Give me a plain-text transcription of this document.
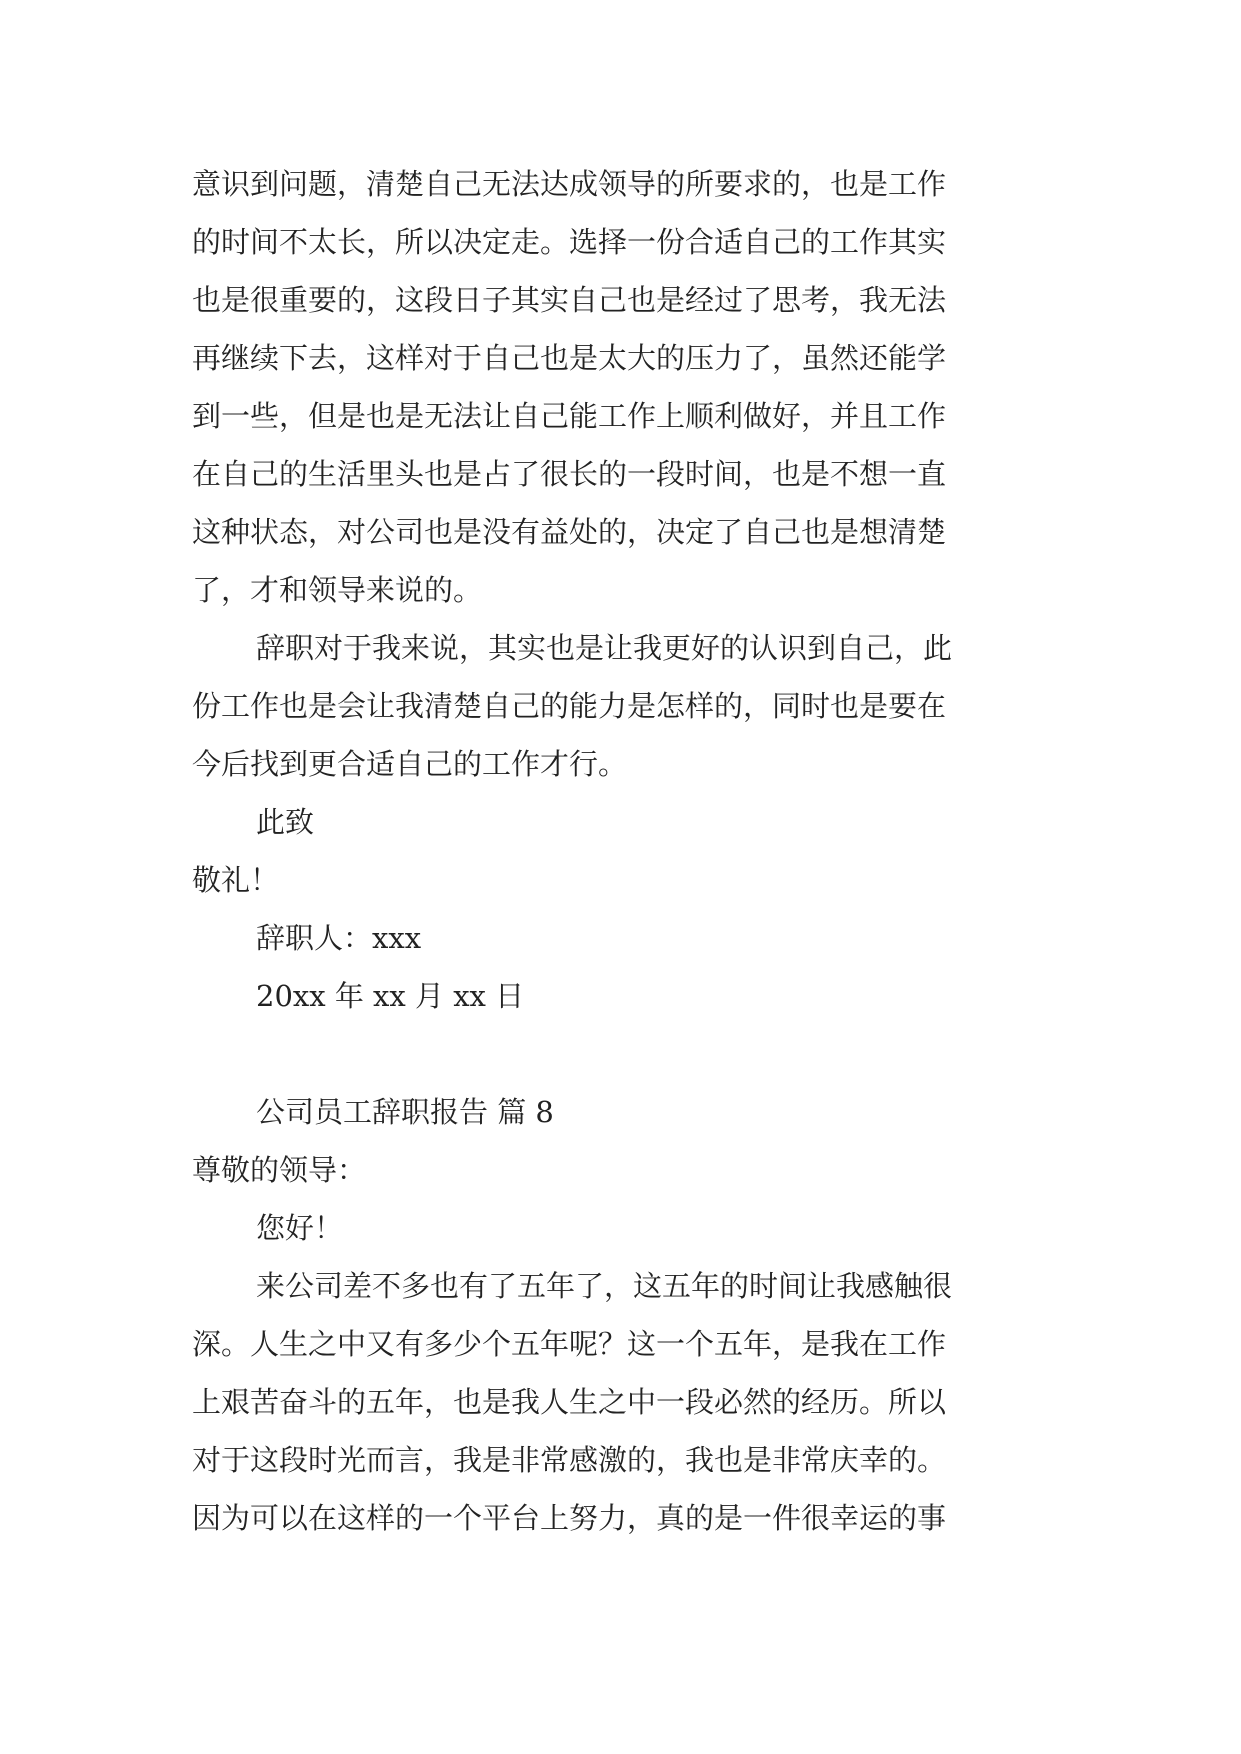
意识到问题，清楚自己无法达成领导的所要求的，也是工作
的时间不太长，所以决定走。选择一份合适自己的工作其实
也是很重要的，这段日子其实自己也是经过了思考，我无法
再继续下去，这样对于自己也是太大的压力了，虽然还能学
到一些，但是也是无法让自己能工作上顺利做好，并且工作
在自己的生活里头也是占了很长的一段时间，也是不想一直
这种状态，对公司也是没有益处的，决定了自己也是想清楚
了，才和领导来说的。
辞职对于我来说，其实也是让我更好的认识到自己，此
份工作也是会让我清楚自己的能力是怎样的，同时也是要在
今后找到更合适自己的工作才行。
此致
敬礼！
辞职人：xxx
20xx 年 xx 月 xx 日
公司员工辞职报告 篇 8
尊敬的领导：
您好！
来公司差不多也有了五年了，这五年的时间让我感触很
深。人生之中又有多少个五年呢？这一个五年，是我在工作
上艰苦奋斗的五年，也是我人生之中一段必然的经历。所以
对于这段时光而言，我是非常感激的，我也是非常庆幸的。
因为可以在这样的一个平台上努力，真的是一件很幸运的事
